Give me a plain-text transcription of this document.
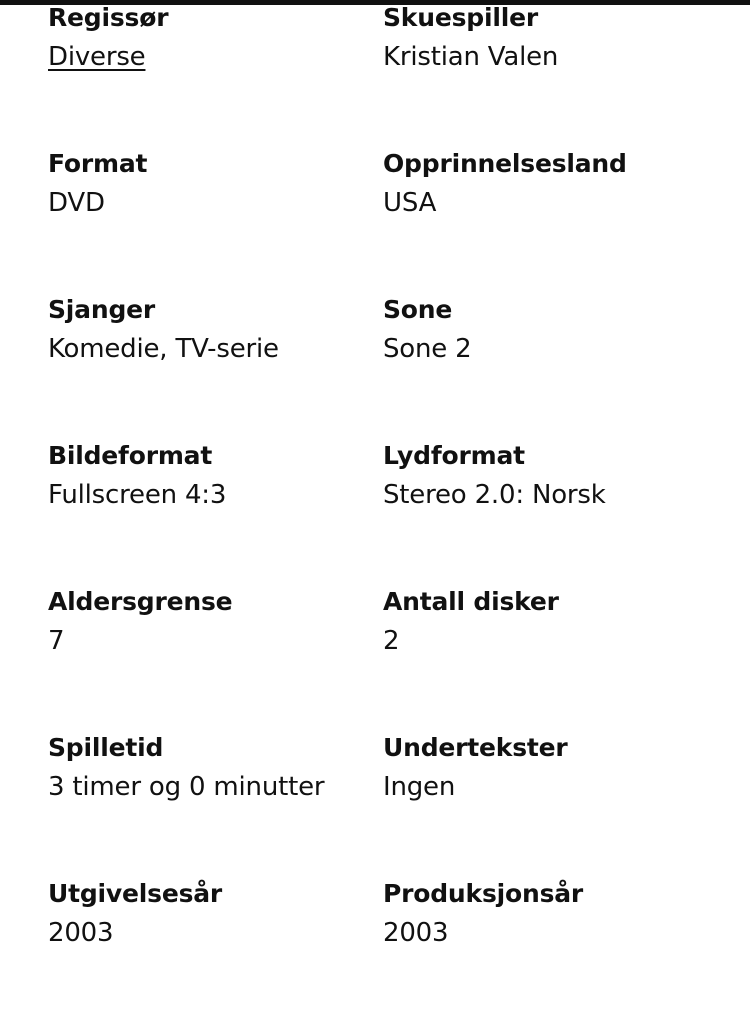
Regissør
Diverse
Skuespiller
Kristian Valen
Format
DVD
Opprinnelsesland
USA
Sjanger
Komedie, TV-serie
Sone
Sone 2
Bildeformat
Fullscreen 4:3
Lydformat
Stereo 2.0: Norsk
Aldersgrense
7
Antall disker
2
Spilletid
3 timer og 0 minutter
Undertekster
Ingen
Utgivelsesår
2003
Produksjonsår
2003
